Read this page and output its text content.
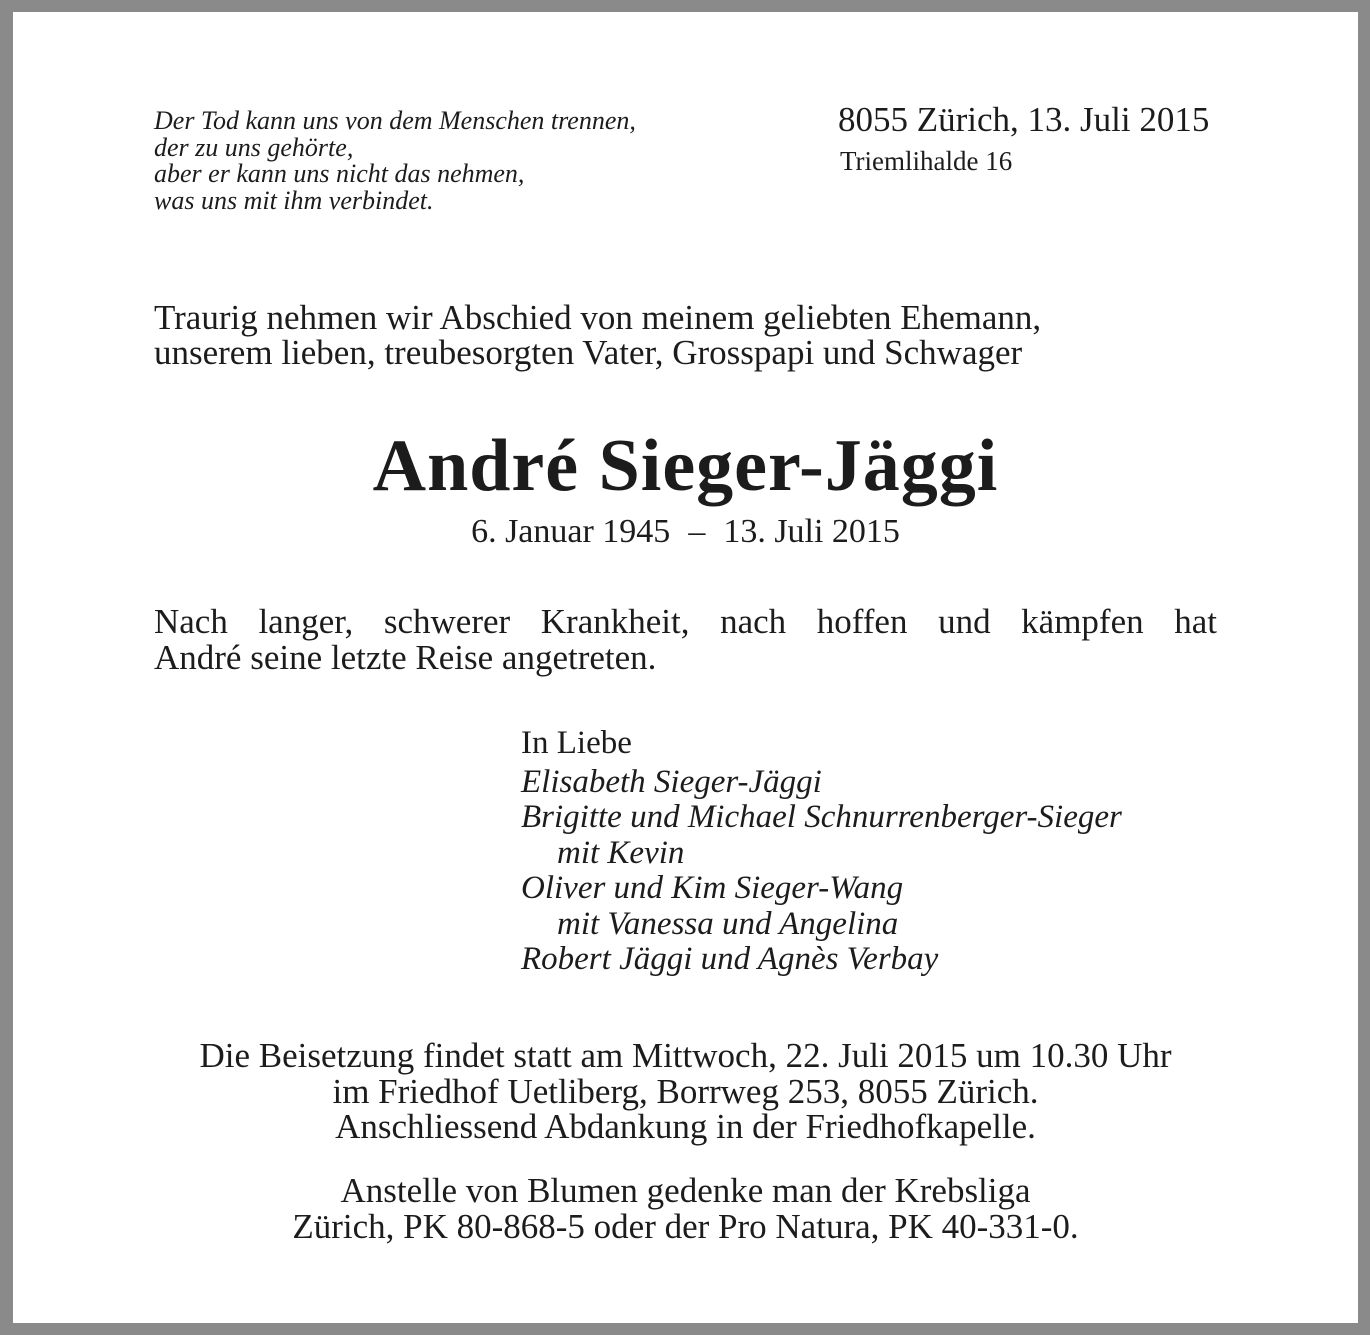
Der Tod kann uns von dem Menschen trennen,
der zu uns gehörte,
aber er kann uns nicht das nehmen,
was uns mit ihm verbindet.
8055 Zürich, 13. Juli 2015
Triemlihalde 16
Traurig nehmen wir Abschied von meinem geliebten Ehemann,
unserem lieben, treubesorgten Vater, Grosspapi und Schwager
André Sieger-Jäggi
6. Januar 1945 – 13. Juli 2015
Nach langer, schwerer Krankheit, nach hoffen und kämpfen hat
André seine letzte Reise angetreten.
In Liebe
Elisabeth Sieger-Jäggi
Brigitte und Michael Schnurrenberger-Sieger
mit Kevin
Oliver und Kim Sieger-Wang
mit Vanessa und Angelina
Robert Jäggi und Agnès Verbay
Die Beisetzung findet statt am Mittwoch, 22. Juli 2015 um 10.30 Uhr
im Friedhof Uetliberg, Borrweg 253, 8055 Zürich.
Anschliessend Abdankung in der Friedhofkapelle.
Anstelle von Blumen gedenke man der Krebsliga
Zürich, PK 80-868-5 oder der Pro Natura, PK 40-331-0.
